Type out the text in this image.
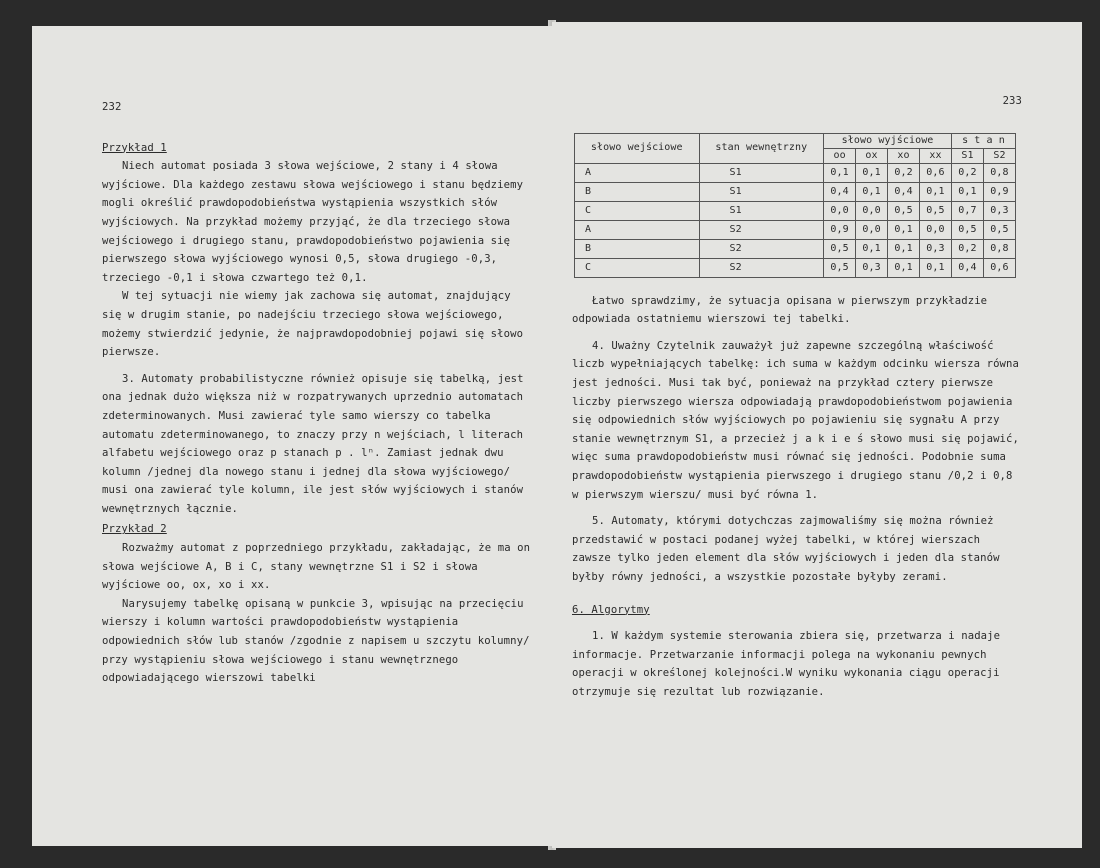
232

Przykład 1

Niech automat posiada 3 słowa wejściowe, 2 stany i 4 słowa wyjściowe. Dla każdego zestawu słowa wejściowego i stanu będziemy mogli określić prawdopodobieństwa wystąpienia wszystkich słów wyjściowych. Na przykład możemy przyjąć, że dla trzeciego słowa wejściowego i drugiego stanu, prawdopodobieństwo pojawienia się pierwszego słowa wyjściowego wynosi 0,5, słowa drugiego -0,3, trzeciego -0,1 i słowa czwartego też 0,1.

W tej sytuacji nie wiemy jak zachowa się automat, znajdujący się w drugim stanie, po nadejściu trzeciego słowa wejściowego, możemy stwierdzić jedynie, że najprawdopodobniej pojawi się słowo pierwsze.

3. Automaty probabilistyczne również opisuje się tabelką, jest ona jednak dużo większa niż w rozpatrywanych uprzednio automatach zdeterminowanych. Musi zawierać tyle samo wierszy co tabelka automatu zdeterminowanego, to znaczy przy n wejściach, l literach alfabetu wejściowego oraz p stanach p . lⁿ. Zamiast jednak dwu kolumn /jednej dla nowego stanu i jednej dla słowa wyjściowego/ musi ona zawierać tyle kolumn, ile jest słów wyjściowych i stanów wewnętrznych łącznie.

Przykład 2

Rozważmy automat z poprzedniego przykładu, zakładając, że ma on słowa wejściowe A, B i C, stany wewnętrzne S1 i S2 i słowa wyjściowe oo, ox, xo i xx.

Narysujemy tabelkę opisaną w punkcie 3, wpisując na przecięciu wierszy i kolumn wartości prawdopodobieństw wystąpienia odpowiednich słów lub stanów /zgodnie z napisem u szczytu kolumny/ przy wystąpieniu słowa wejściowego i stanu wewnętrznego odpowiadającego wierszowi tabelki

233
słowo wejściowe	stan wewnętrzny	słowo wyjściowe				s t a n	
		oo	ox	xo	xx	S1	S2
A	S1	0,1	0,1	0,2	0,6	0,2	0,8
B	S1	0,4	0,1	0,4	0,1	0,1	0,9
C	S1	0,0	0,0	0,5	0,5	0,7	0,3
A	S2	0,9	0,0	0,1	0,0	0,5	0,5
B	S2	0,5	0,1	0,1	0,3	0,2	0,8
C	S2	0,5	0,3	0,1	0,1	0,4	0,6

Łatwo sprawdzimy, że sytuacja opisana w pierwszym przykładzie odpowiada ostatniemu wierszowi tej tabelki.

4. Uważny Czytelnik zauważył już zapewne szczególną właściwość liczb wypełniających tabelkę: ich suma w każdym odcinku wiersza równa jest jedności. Musi tak być, ponieważ na przykład cztery pierwsze liczby pierwszego wiersza odpowiadają prawdopodobieństwom pojawienia się odpowiednich słów wyjściowych po pojawieniu się sygnału A przy stanie wewnętrznym S1, a przecież j a k i e ś słowo musi się pojawić, więc suma prawdopodobieństw musi równać się jedności. Podobnie suma prawdopodobieństw wystąpienia pierwszego i drugiego stanu /0,2 i 0,8 w pierwszym wierszu/ musi być równa 1.

5. Automaty, którymi dotychczas zajmowaliśmy się można również przedstawić w postaci podanej wyżej tabelki, w której wierszach zawsze tylko jeden element dla słów wyjściowych i jeden dla stanów byłby równy jedności, a wszystkie pozostałe byłyby zerami.

6. Algorytmy

1. W każdym systemie sterowania zbiera się, przetwarza i nadaje informacje. Przetwarzanie informacji polega na wykonaniu pewnych operacji w określonej kolejności.W wyniku wykonania ciągu operacji otrzymuje się rezultat lub rozwiązanie.
